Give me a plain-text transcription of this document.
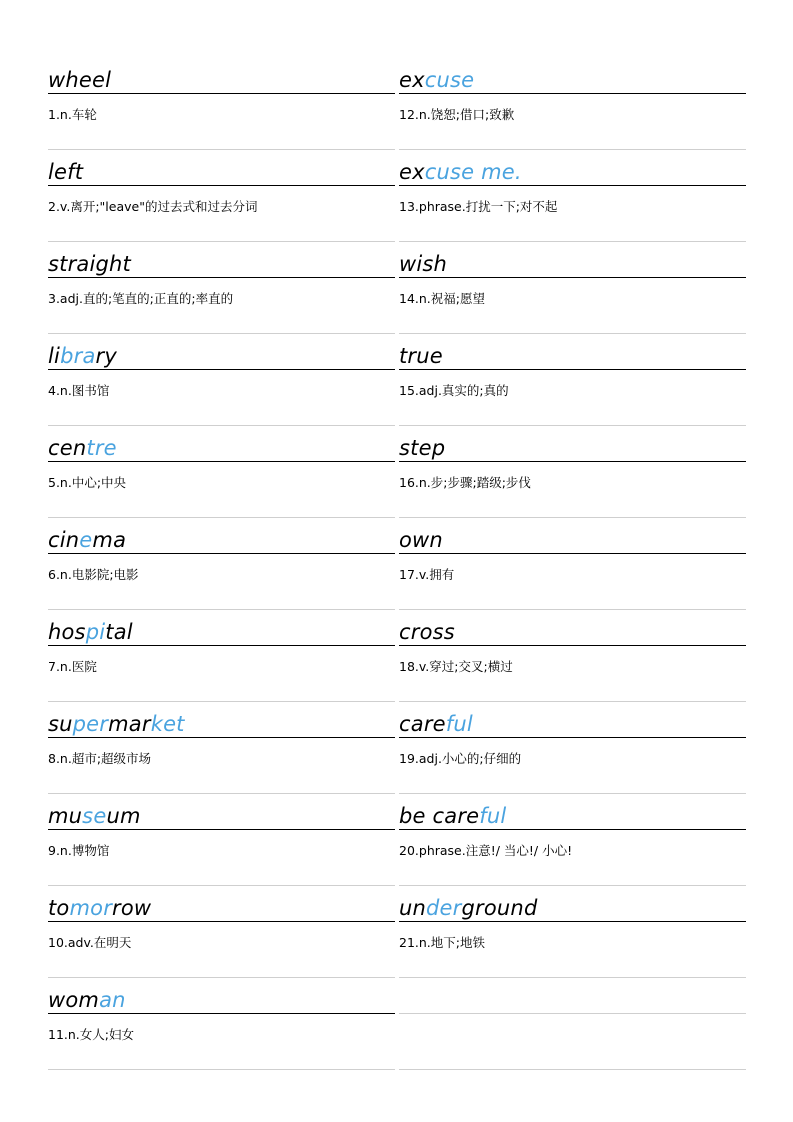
wheel
1.n.车轮
left
2.v.离开;"leave"的过去式和过去分词
straight
3.adj.直的;笔直的;正直的;率直的
library
4.n.图书馆
centre
5.n.中心;中央
cinema
6.n.电影院;电影
hospital
7.n.医院
supermarket
8.n.超市;超级市场
museum
9.n.博物馆
tomorrow
10.adv.在明天
woman
11.n.女人;妇女
excuse
12.n.饶恕;借口;致歉
excuse me.
13.phrase.打扰一下;对不起
wish
14.n.祝福;愿望
true
15.adj.真实的;真的
step
16.n.步;步骤;踏级;步伐
own
17.v.拥有
cross
18.v.穿过;交叉;横过
careful
19.adj.小心的;仔细的
be careful
20.phrase.注意!/ 当心!/ 小心!
underground
21.n.地下;地铁
